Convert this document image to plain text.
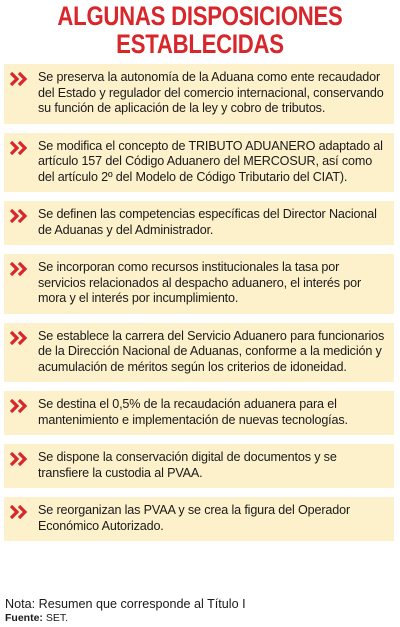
ALGUNAS DISPOSICIONES
ESTABLECIDAS
Se preserva la autonomía de la Aduana como ente recaudador del Estado y regulador del comercio internacional, conservando su función de aplicación de la ley y cobro de tributos.
Se modifica el concepto de TRIBUTO ADUANERO adaptado al artículo 157 del Código Aduanero del MERCOSUR, así como del artículo 2º del Modelo de Código Tributario del CIAT).
Se definen las competencias específicas del Director Nacional de Aduanas y del Administrador.
Se incorporan como recursos institucionales la tasa por servicios relacionados al despacho aduanero, el interés por mora y el interés por incumplimiento.
Se establece la carrera del Servicio Aduanero para funcionarios de la Dirección Nacional de Aduanas, conforme a la medición y acumulación de méritos según los criterios de idoneidad.
Se destina el 0,5% de la recaudación aduanera para el mantenimiento e implementación de nuevas tecnologías.
Se dispone la conservación digital de documentos y se transfiere la custodia al PVAA.
Se reorganizan las PVAA y se crea la figura del Operador Económico Autorizado.
Nota: Resumen que corresponde al Título I
Fuente: SET.
